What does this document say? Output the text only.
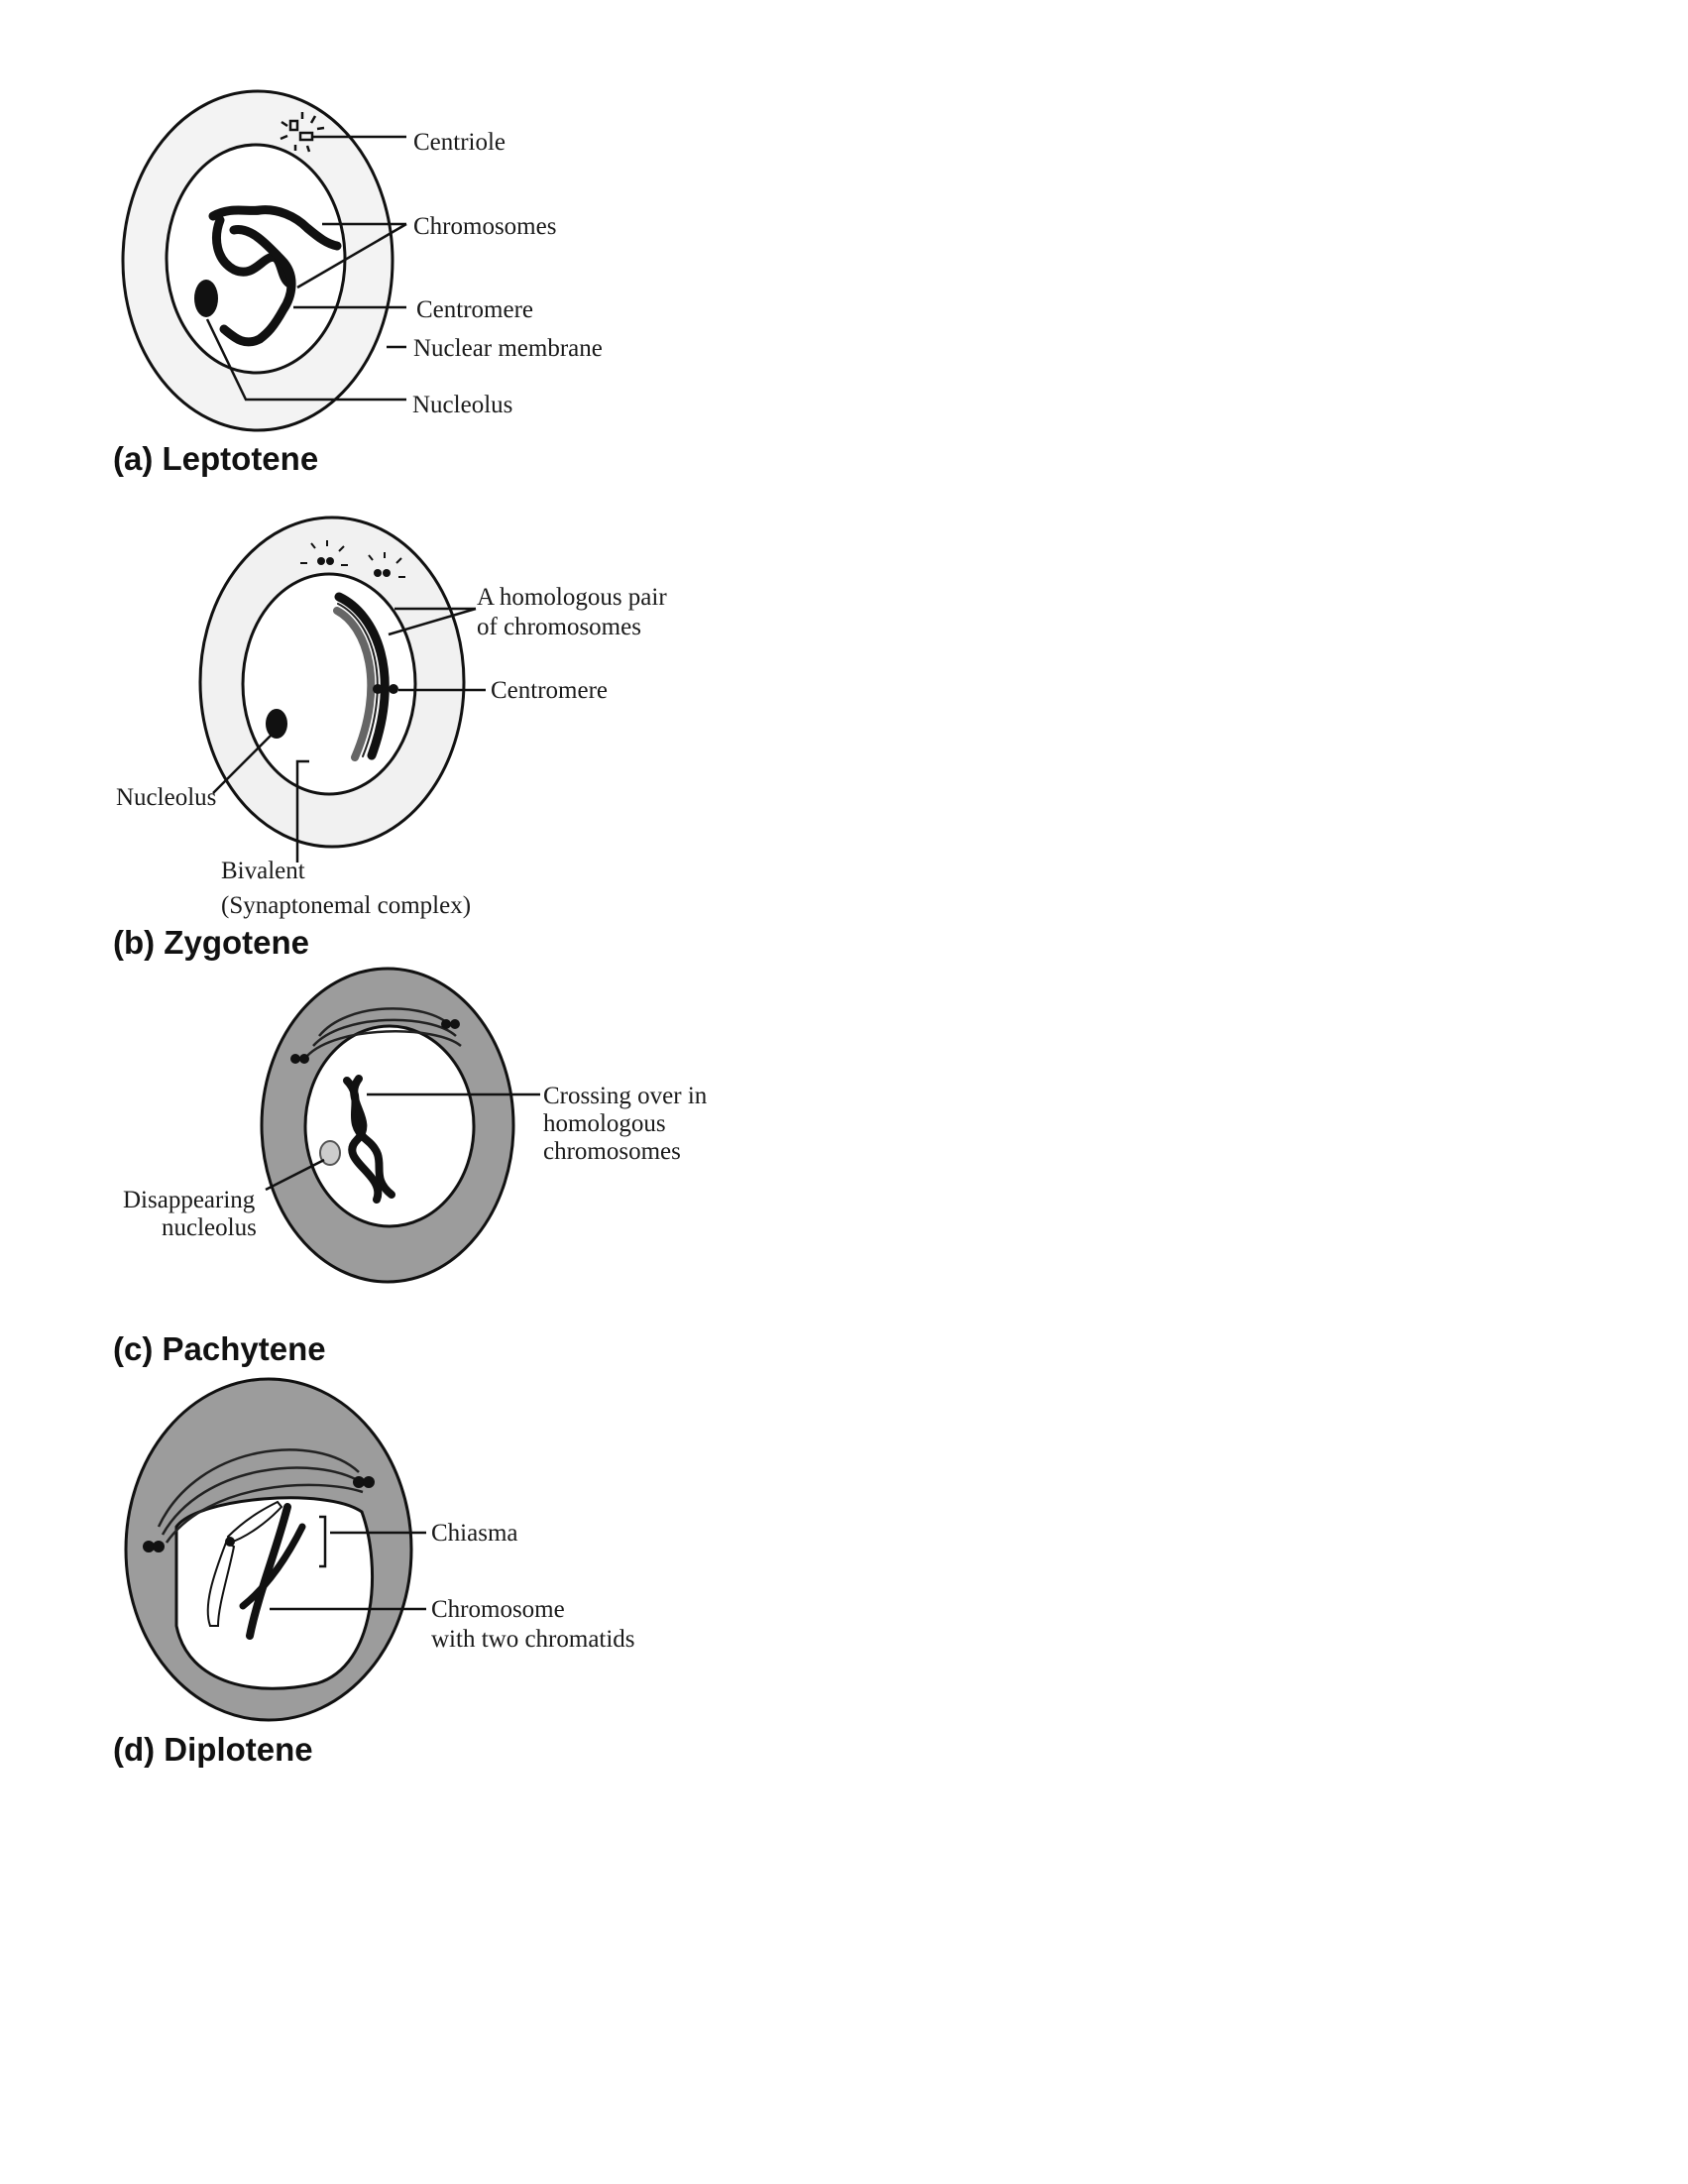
Centriole
Chromosomes
Centromere
Nuclear membrane
Nucleolus
A homologous pair
of chromosomes
Centromere
Nucleolus
Bivalent
(Synaptonemal complex)
Crossing over in
homologous
chromosomes
Disappearing
nucleolus
Chiasma
Chromosome
with two chromatids
(a) Leptotene
(b) Zygotene
(c) Pachytene
(d) Diplotene
